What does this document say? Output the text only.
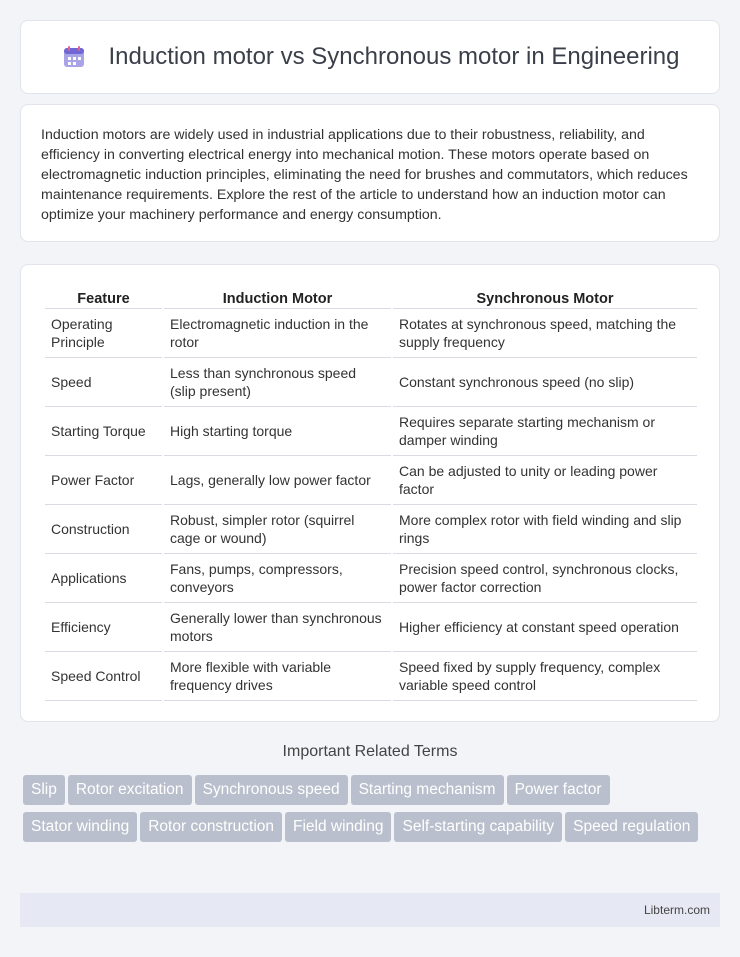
Induction motor vs Synchronous motor in Engineering

Induction motors are widely used in industrial applications due to their robustness, reliability, and efficiency in converting electrical energy into mechanical motion. These motors operate based on electromagnetic induction principles, eliminating the need for brushes and commutators, which reduces maintenance requirements. Explore the rest of the article to understand how an induction motor can optimize your machinery performance and energy consumption.

Feature	Induction Motor	Synchronous Motor
Operating Principle	Electromagnetic induction in the rotor	Rotates at synchronous speed, matching the supply frequency
Speed	Less than synchronous speed (slip present)	Constant synchronous speed (no slip)
Starting Torque	High starting torque	Requires separate starting mechanism or damper winding
Power Factor	Lags, generally low power factor	Can be adjusted to unity or leading power factor
Construction	Robust, simpler rotor (squirrel cage or wound)	More complex rotor with field winding and slip rings
Applications	Fans, pumps, compressors, conveyors	Precision speed control, synchronous clocks, power factor correction
Efficiency	Generally lower than synchronous motors	Higher efficiency at constant speed operation
Speed Control	More flexible with variable frequency drives	Speed fixed by supply frequency, complex variable speed control
Important Related Terms
Slip	Rotor excitation	Synchronous speed	Starting mechanism	Power factor
Stator winding	Rotor construction	Field winding	Self-starting capability	Speed regulation
Libterm.com
